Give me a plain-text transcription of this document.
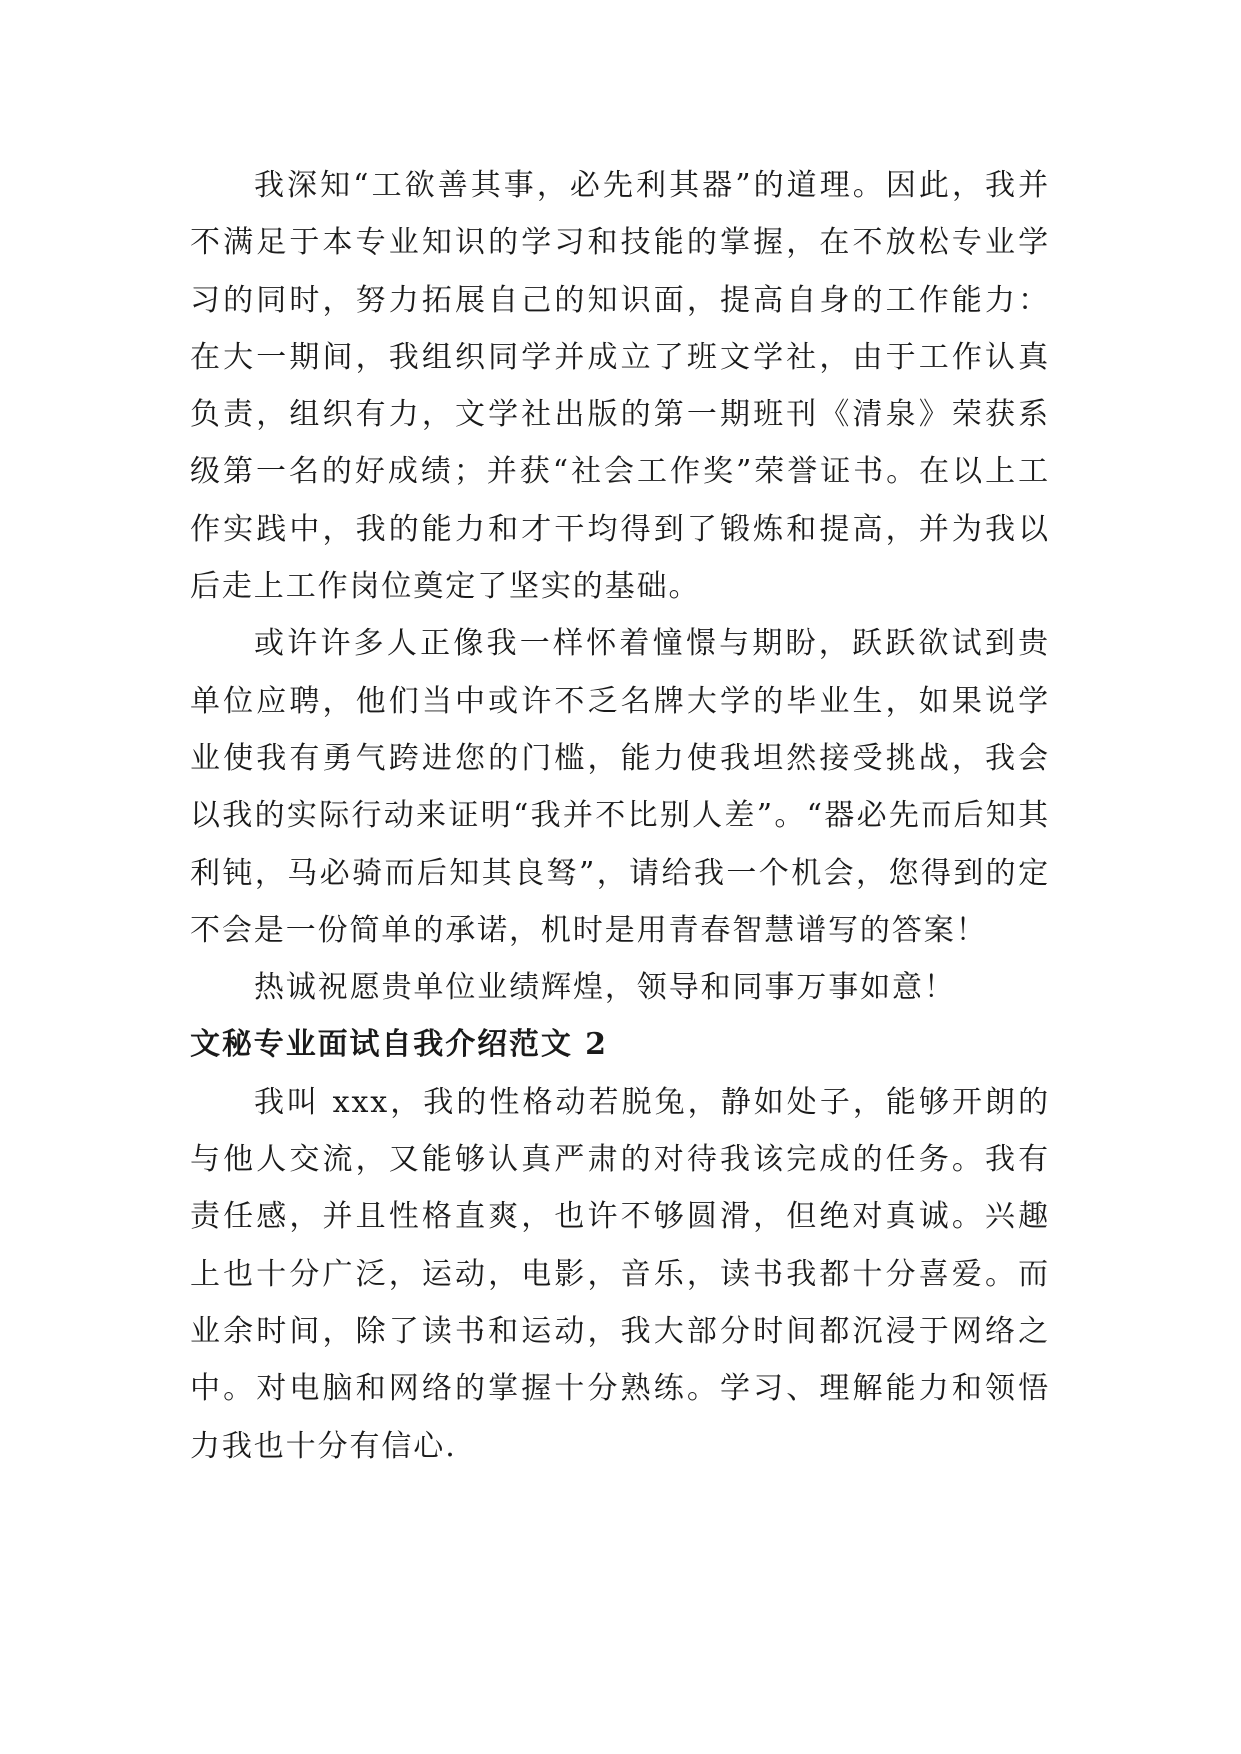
我深知“工欲善其事，必先利其器”的道理。因此，我并不满足于本专业知识的学习和技能的掌握，在不放松专业学习的同时，努力拓展自己的知识面，提高自身的工作能力：在大一期间，我组织同学并成立了班文学社，由于工作认真负责，组织有力，文学社出版的第一期班刊《清泉》荣获系级第一名的好成绩；并获“社会工作奖”荣誉证书。在以上工作实践中，我的能力和才干均得到了锻炼和提高，并为我以后走上工作岗位奠定了坚实的基础。

或许许多人正像我一样怀着憧憬与期盼，跃跃欲试到贵单位应聘，他们当中或许不乏名牌大学的毕业生，如果说学业使我有勇气跨进您的门槛，能力使我坦然接受挑战，我会以我的实际行动来证明“我并不比别人差”。“器必先而后知其利钝，马必骑而后知其良驽”，请给我一个机会，您得到的定不会是一份简单的承诺，机时是用青春智慧谱写的答案！

热诚祝愿贵单位业绩辉煌，领导和同事万事如意！

文秘专业面试自我介绍范文 2

我叫 xxx，我的性格动若脱兔，静如处子，能够开朗的与他人交流，又能够认真严肃的对待我该完成的任务。我有责任感，并且性格直爽，也许不够圆滑，但绝对真诚。兴趣上也十分广泛，运动，电影，音乐，读书我都十分喜爱。而业余时间，除了读书和运动，我大部分时间都沉浸于网络之中。对电脑和网络的掌握十分熟练。学习、理解能力和领悟力我也十分有信心.
